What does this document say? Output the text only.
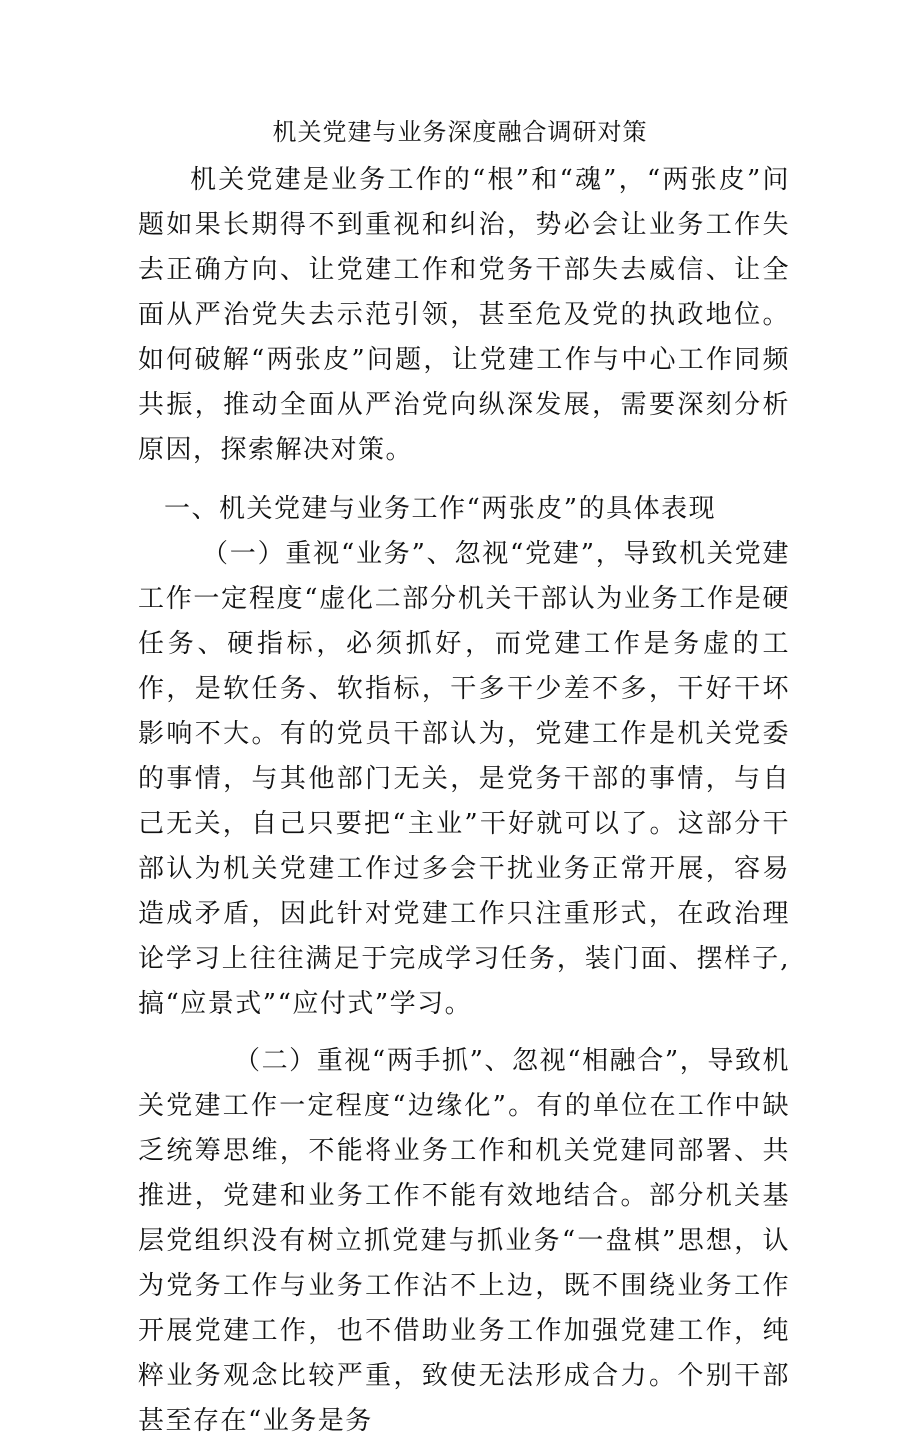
机关党建与业务深度融合调研对策

机关党建是业务工作的“根”和“魂”，“两张皮”问题如果长期得不到重视和纠治，势必会让业务工作失去正确方向、让党建工作和党务干部失去威信、让全面从严治党失去示范引领，甚至危及党的执政地位。如何破解“两张皮”问题，让党建工作与中心工作同频共振，推动全面从严治党向纵深发展，需要深刻分析原因，探索解决对策。

一、机关党建与业务工作“两张皮”的具体表现

（一）重视“业务”、忽视“党建”，导致机关党建工作一定程度“虚化二部分机关干部认为业务工作是硬任务、硬指标，必须抓好，而党建工作是务虚的工作，是软任务、软指标，干多干少差不多，干好干坏影响不大。有的党员干部认为，党建工作是机关党委的事情，与其他部门无关，是党务干部的事情，与自己无关，自己只要把“主业”干好就可以了。这部分干部认为机关党建工作过多会干扰业务正常开展，容易造成矛盾，因此针对党建工作只注重形式，在政治理论学习上往往满足于完成学习任务，装门面、摆样子,搞“应景式”“应付式”学习。

（二）重视“两手抓”、忽视“相融合”，导致机关党建工作一定程度“边缘化”。有的单位在工作中缺乏统筹思维，不能将业务工作和机关党建同部署、共推进，党建和业务工作不能有效地结合。部分机关基层党组织没有树立抓党建与抓业务“一盘棋”思想，认为党务工作与业务工作沾不上边，既不围绕业务工作开展党建工作，也不借助业务工作加强党建工作，纯粹业务观念比较严重，致使无法形成合力。个别干部甚至存在“业务是务
